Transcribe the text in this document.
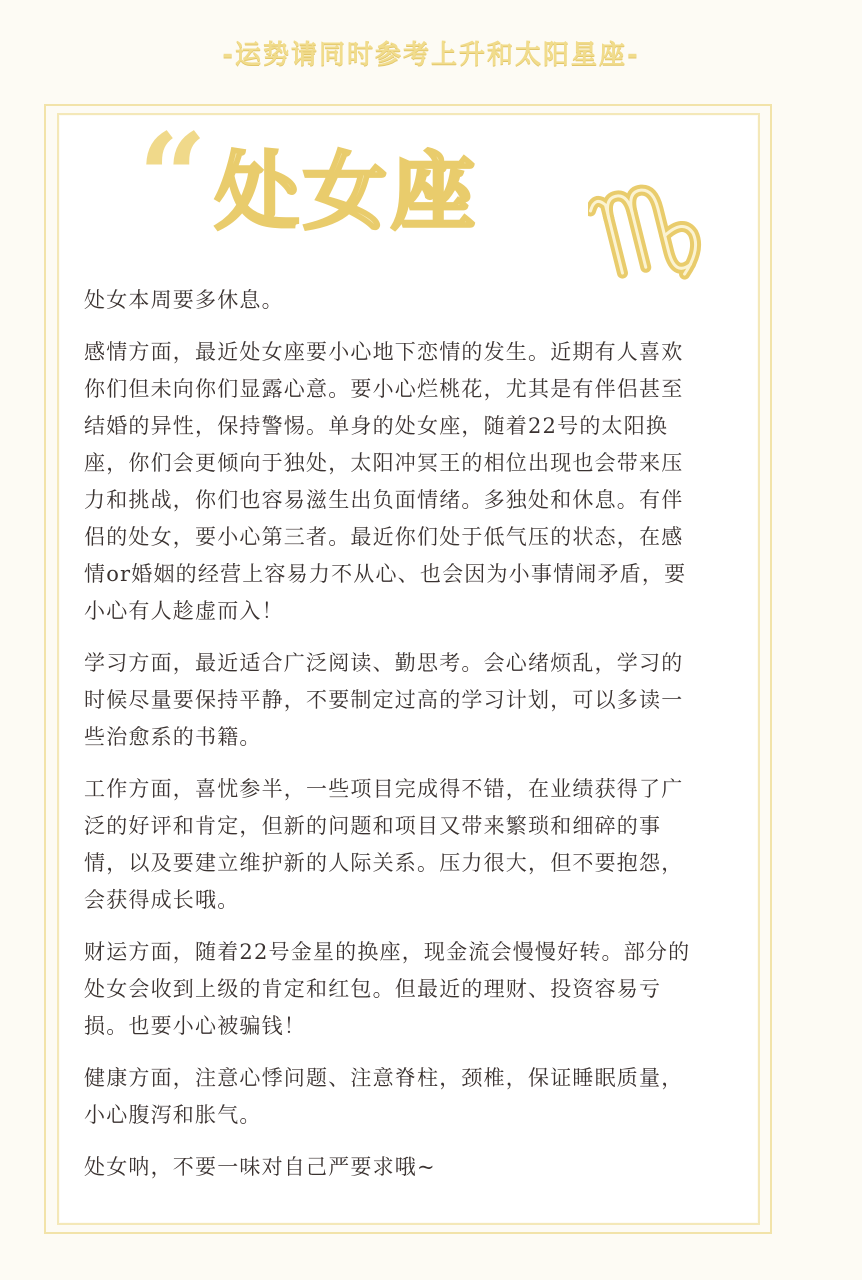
-运势请同时参考上升和太阳星座-
“ 处女座

处女本周要多休息。

感情方面，最近处女座要小心地下恋情的发生。近期有人喜欢你们但未向你们显露心意。要小心烂桃花，尤其是有伴侣甚至结婚的异性，保持警惕。单身的处女座，随着22号的太阳换座，你们会更倾向于独处，太阳冲冥王的相位出现也会带来压力和挑战，你们也容易滋生出负面情绪。多独处和休息。有伴侣的处女，要小心第三者。最近你们处于低气压的状态，在感情or婚姻的经营上容易力不从心、也会因为小事情闹矛盾，要小心有人趁虚而入！

学习方面，最近适合广泛阅读、勤思考。会心绪烦乱，学习的时候尽量要保持平静，不要制定过高的学习计划，可以多读一些治愈系的书籍。

工作方面，喜忧参半，一些项目完成得不错，在业绩获得了广泛的好评和肯定，但新的问题和项目又带来繁琐和细碎的事情，以及要建立维护新的人际关系。压力很大，但不要抱怨，会获得成长哦。

财运方面，随着22号金星的换座，现金流会慢慢好转。部分的处女会收到上级的肯定和红包。但最近的理财、投资容易亏损。也要小心被骗钱！

健康方面，注意心悸问题、注意脊柱，颈椎，保证睡眠质量，小心腹泻和胀气。

处女呐，不要一味对自己严要求哦~
